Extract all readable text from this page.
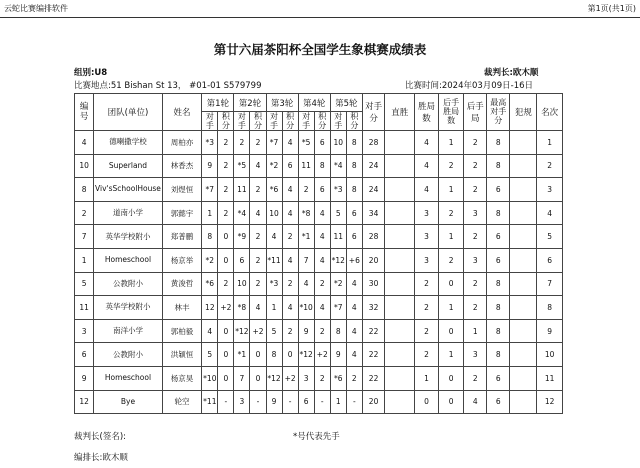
云蛇比赛编排软件	第1页(共1页)
第廿六届茶阳杯全国学生象棋赛成绩表
组别:U8	裁判长:欧木顺
比赛地点:51 Bishan St 13， #01-01 S579799	比赛时间:2024年03月09日-16日
编号	团队(单位)	姓名	第1轮		第2轮		第3轮		第4轮		第5轮		对手分	直胜	胜局数	后手胜局数	后手局	最高对手分	犯规	名次
			对手	积分	对手	积分	对手	积分	对手	积分	对手	积分								
4	德喇撒学校	周柏亦	*3	2	2	2	*7	4	*5	6	10	8	28		4	1	2	8		1
10	Superland	林香杰	9	2	*5	4	*2	6	11	8	*4	8	24		4	2	2	8		2
8	Viv'sSchoolHouse	刘煜恒	*7	2	11	2	*6	4	2	6	*3	8	24		4	1	2	6		3
2	道南小学	郭懿宇	1	2	*4	4	10	4	*8	4	5	6	34		3	2	3	8		4
7	英华学校附小	郑普鹏	8	0	*9	2	4	2	*1	4	11	6	28		3	1	2	6		5
1	Homeschool	杨京举	*2	0	6	2	*11	4	7	4	*12	+6	20		3	2	3	6		6
5	公教附小	黄浚哲	*6	2	10	2	*3	2	4	2	*2	4	30		2	0	2	8		7
11	英华学校附小	林丰	12	+2	*8	4	1	4	*10	4	*7	4	32		2	1	2	8		8
3	南洋小学	郭柏毅	4	0	*12	+2	5	2	9	2	8	4	22		2	0	1	8		9
6	公教附小	洪颖恒	5	0	*1	0	8	0	*12	+2	9	4	22		2	1	3	8		10
9	Homeschool	杨京昊	*10	0	7	0	*12	+2	3	2	*6	2	22		1	0	2	6		11
12	Bye	轮空	*11	-	3	-	9	-	6	-	1	-	20		0	0	4	6		12
裁判长(签名):	*号代表先手
编排长:欧木顺
